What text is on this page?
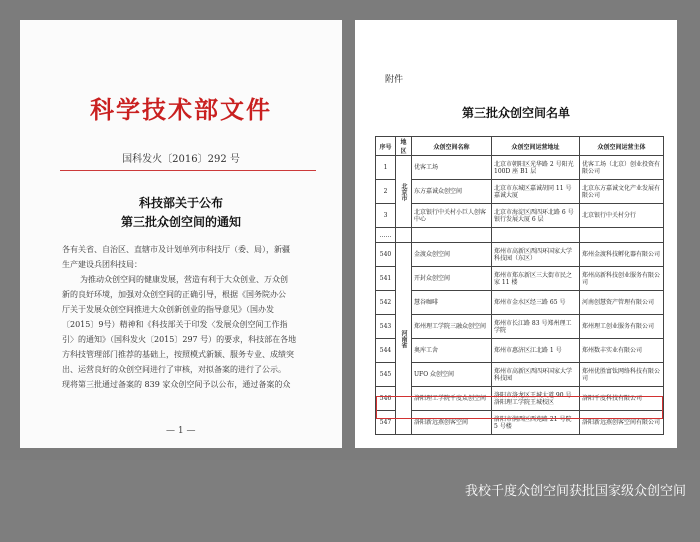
科学技术部文件
国科发火〔2016〕292 号
科技部关于公布
第三批众创空间的通知
各有关省、自治区、直辖市及计划单列市科技厅（委、局），新疆
生产建设兵团科技局：
为推动众创空间的健康发展，营造有利于大众创业、万众创
新的良好环境，加强对众创空间的正确引导，根据《国务院办公
厅关于发展众创空间推进大众创新创业的指导意见》（国办发
〔2015〕9号）精神和《科技部关于印发〈发展众创空间工作指
引〉的通知》（国科发火〔2015〕297 号）的要求，科技部在各地
方科技管理部门推荐的基础上，按照模式新颖、服务专业、成绩突
出、运营良好的众创空间进行了审核，对拟备案的进行了公示。
现将第三批通过备案的 839 家众创空间予以公布，通过备案的众
— 1 —
附件
第三批众创空间名单
序号	地区	众创空间名称	众创空间运营地址	众创空间运营主体
1	北京市	优客工场	北京市朝阳区光华路 2 号阳光 100D 座 B1 层	优客工场（北京）创业投资有限公司
2		东方嘉诚众创空间	北京市东城区嘉诚胡同 11 号嘉诚大厦	北京东方嘉诚文化产业发展有限公司
3		北京银行中关村小巨人创客中心	北京市海淀区西四环北路 6 号银行发展大厦 6 层	北京银行中关村分行
……				
540	河南省	金渡众创空间	郑州市高新区西四环国家大学科技园（东区）	郑州金渡科技孵化器有限公司
541		开封众创空间	郑州市郑东新区三大街市民之家 11 楼	郑州高新科技创业服务有限公司
542		慧谷咖啡	郑州市金水区经三路 65 号	河南创慧资产管理有限公司
543		郑州理工学院三融众创空间	郑州市长江路 83 号郑州理工学院	郑州理工创业服务有限公司
544		奥库工舍	郑州市惠济区江北路 1 号	郑州数丰实业有限公司
545		UFO 众创空间	郑州市高新区西四环国家大学科技园	郑州优胜富钛网络科技有限公司
546		洛阳理工学院千度众创空间	洛阳市洛龙区王城大道 90 号洛阳理工学院王城校区	洛阳千度科技有限公司
547		洛阳新远燕创客空间	洛阳市涧西区西苑路 21 号院 5 号楼	洛阳新远燕创客空间有限公司
我校千度众创空间获批国家级众创空间
